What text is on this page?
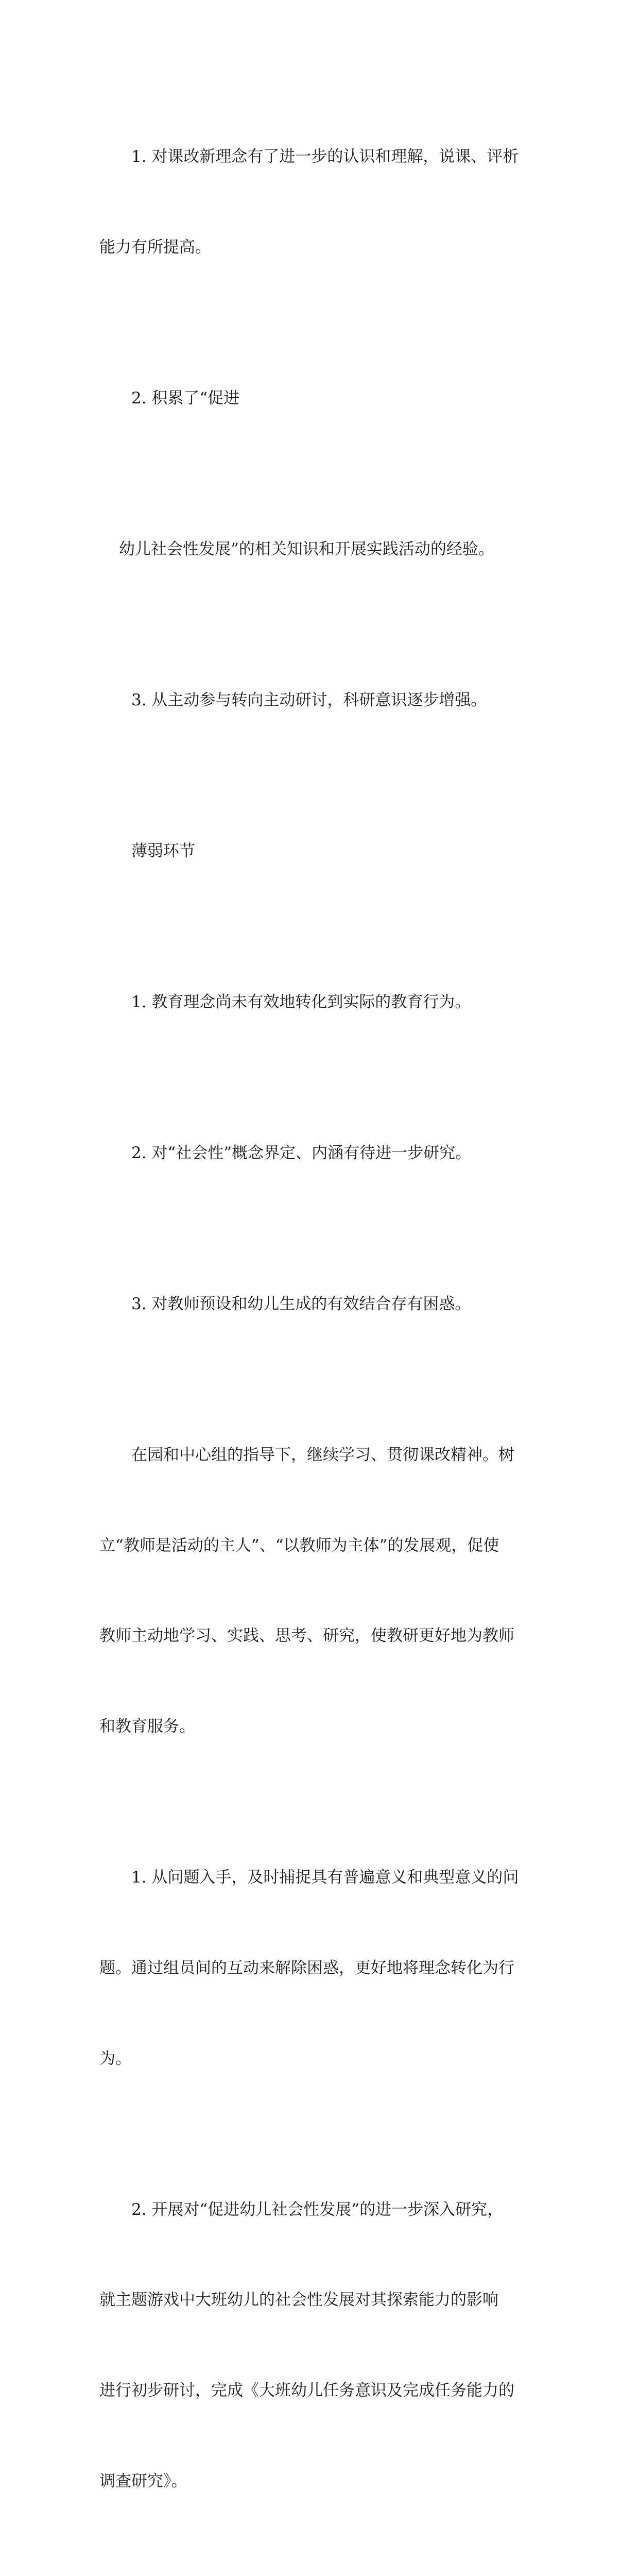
1. 对课改新理念有了进一步的认识和理解，说课、评析

能力有所提高。

2. 积累了“促进

幼儿社会性发展”的相关知识和开展实践活动的经验。

3. 从主动参与转向主动研讨，科研意识逐步增强。

薄弱环节

1. 教育理念尚未有效地转化到实际的教育行为。

2. 对“社会性”概念界定、内涵有待进一步研究。

3. 对教师预设和幼儿生成的有效结合存有困惑。

在园和中心组的指导下，继续学习、贯彻课改精神。树

立“教师是活动的主人”、“以教师为主体”的发展观，促使

教师主动地学习、实践、思考、研究，使教研更好地为教师

和教育服务。

1. 从问题入手，及时捕捉具有普遍意义和典型意义的问

题。通过组员间的互动来解除困惑，更好地将理念转化为行

为。

2. 开展对“促进幼儿社会性发展”的进一步深入研究，

就主题游戏中大班幼儿的社会性发展对其探索能力的影响

进行初步研讨，完成《大班幼儿任务意识及完成任务能力的

调查研究》。
